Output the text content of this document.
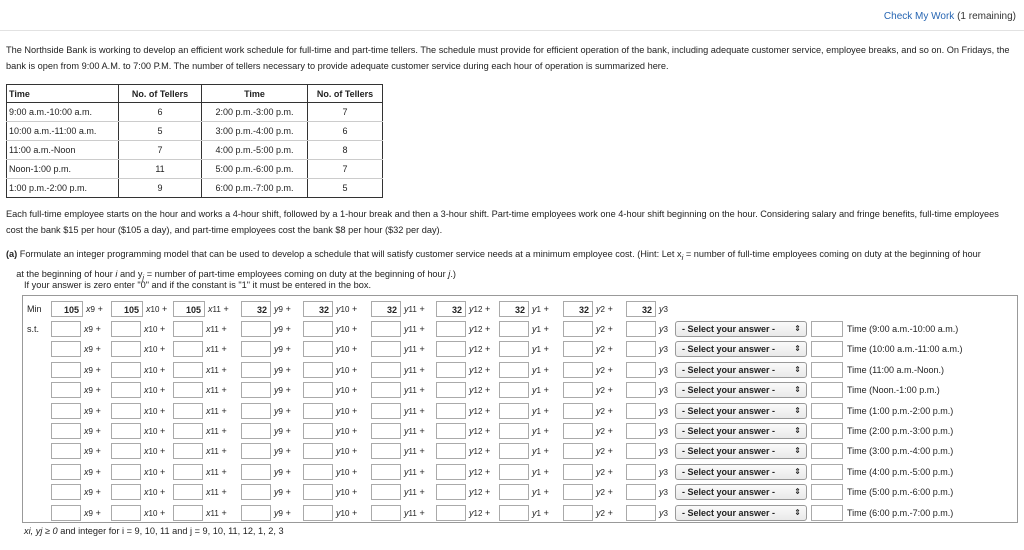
Check My Work (1 remaining)
The Northside Bank is working to develop an efficient work schedule for full-time and part-time tellers. The schedule must provide for efficient operation of the bank, including adequate customer service, employee breaks, and so on. On Fridays, the bank is open from 9:00 A.M. to 7:00 P.M. The number of tellers necessary to provide adequate customer service during each hour of operation is summarized here.
Time	No. of Tellers	Time	No. of Tellers
9:00 a.m.-10:00 a.m.	6	2:00 p.m.-3:00 p.m.	7
10:00 a.m.-11:00 a.m.	5	3:00 p.m.-4:00 p.m.	6
11:00 a.m.-Noon	7	4:00 p.m.-5:00 p.m.	8
Noon-1:00 p.m.	11	5:00 p.m.-6:00 p.m.	7
1:00 p.m.-2:00 p.m.	9	6:00 p.m.-7:00 p.m.	5
Each full-time employee starts on the hour and works a 4-hour shift, followed by a 1-hour break and then a 3-hour shift. Part-time employees work one 4-hour shift beginning on the hour. Considering salary and fringe benefits, full-time employees cost the bank $15 per hour ($105 a day), and part-time employees cost the bank $8 per hour ($32 per day).
(a) Formulate an integer programming model that can be used to develop a schedule that will satisfy customer service needs at a minimum employee cost. (Hint: Let $x_i$ = number of full-time employees coming on duty at the beginning of hour
at the beginning of hour i and $y_j$ = number of part-time employees coming on duty at the beginning of hour j.)
If your answer is zero enter "0" and if the constant is "1" it must be entered in the box.
Min	105 x9 +	105 x10 +	105 x11 +	32 y9 +	32 y10 +	32 y11 +	32 y12 +	32 y1 +	32 y2 +	32 y3
s.t.	x9 +	x10 +	x11 +	y9 +	y10 +	y11 +	y12 +	y1 +	y2 +	y3	- Select your answer - ⇕	Time (9:00 a.m.-10:00 a.m.)
x9 +	x10 +	x11 +	y9 +	y10 +	y11 +	y12 +	y1 +	y2 +	y3	- Select your answer - ⇕	Time (10:00 a.m.-11:00 a.m.)
x9 +	x10 +	x11 +	y9 +	y10 +	y11 +	y12 +	y1 +	y2 +	y3	- Select your answer - ⇕	Time (11:00 a.m.-Noon.)
x9 +	x10 +	x11 +	y9 +	y10 +	y11 +	y12 +	y1 +	y2 +	y3	- Select your answer - ⇕	Time (Noon.-1:00 p.m.)
x9 +	x10 +	x11 +	y9 +	y10 +	y11 +	y12 +	y1 +	y2 +	y3	- Select your answer - ⇕	Time (1:00 p.m.-2:00 p.m.)
x9 +	x10 +	x11 +	y9 +	y10 +	y11 +	y12 +	y1 +	y2 +	y3	- Select your answer - ⇕	Time (2:00 p.m.-3:00 p.m.)
x9 +	x10 +	x11 +	y9 +	y10 +	y11 +	y12 +	y1 +	y2 +	y3	- Select your answer - ⇕	Time (3:00 p.m.-4:00 p.m.)
x9 +	x10 +	x11 +	y9 +	y10 +	y11 +	y12 +	y1 +	y2 +	y3	- Select your answer - ⇕	Time (4:00 p.m.-5:00 p.m.)
x9 +	x10 +	x11 +	y9 +	y10 +	y11 +	y12 +	y1 +	y2 +	y3	- Select your answer - ⇕	Time (5:00 p.m.-6:00 p.m.)
x9 +	x10 +	x11 +	y9 +	y10 +	y11 +	y12 +	y1 +	y2 +	y3	- Select your answer - ⇕	Time (6:00 p.m.-7:00 p.m.)
xi, yj ≥ 0 and integer for i = 9, 10, 11 and j = 9, 10, 11, 12, 1, 2, 3
